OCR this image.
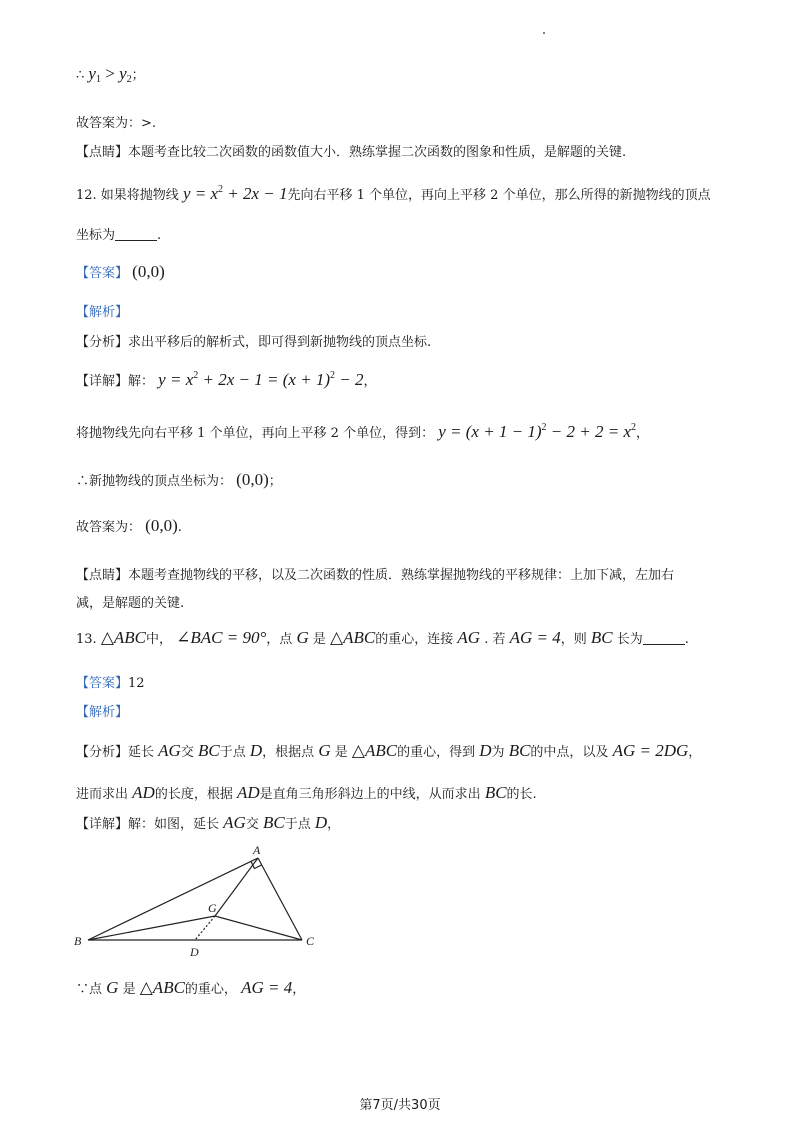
∴ $y_1 > y_2$；
故答案为：>.
【点睛】本题考查比较二次函数的函数值大小．熟练掌握二次函数的图象和性质，是解题的关键.
12. 如果将抛物线 $y = x^2 + 2x - 1$先向右平移 1 个单位，再向上平移 2 个单位，那么所得的新抛物线的顶点
坐标为	.
【答案】 (0,0)
【解析】
【分析】求出平移后的解析式，即可得到新抛物线的顶点坐标.
【详解】解： $y = x^2 + 2x - 1 = (x + 1)^2 - 2$，
将抛物线先向右平移 1 个单位，再向上平移 2 个单位，得到： $y = (x + 1 - 1)^2 - 2 + 2 = x^2$，
∴新抛物线的顶点坐标为： (0,0)；
故答案为： (0,0).
【点睛】本题考查抛物线的平移，以及二次函数的性质．熟练掌握抛物线的平移规律：上加下减，左加右
减，是解题的关键.
13. △ABC中， ∠BAC = 90°，点 G 是 △ABC的重心，连接 AG . 若 AG = 4，则 BC 长为	.
【答案】12
【解析】
【分析】延长 AG交 BC于点 D，根据点 G 是 △ABC的重心，得到 D为 BC的中点，以及 AG = 2DG，
进而求出 AD的长度，根据 AD是直角三角形斜边上的中线，从而求出 BC的长.
【详解】解：如图，延长 AG交 BC于点 D，
A
B	C
D
G
∵点 G 是 △ABC的重心， AG = 4，
第7页/共30页
